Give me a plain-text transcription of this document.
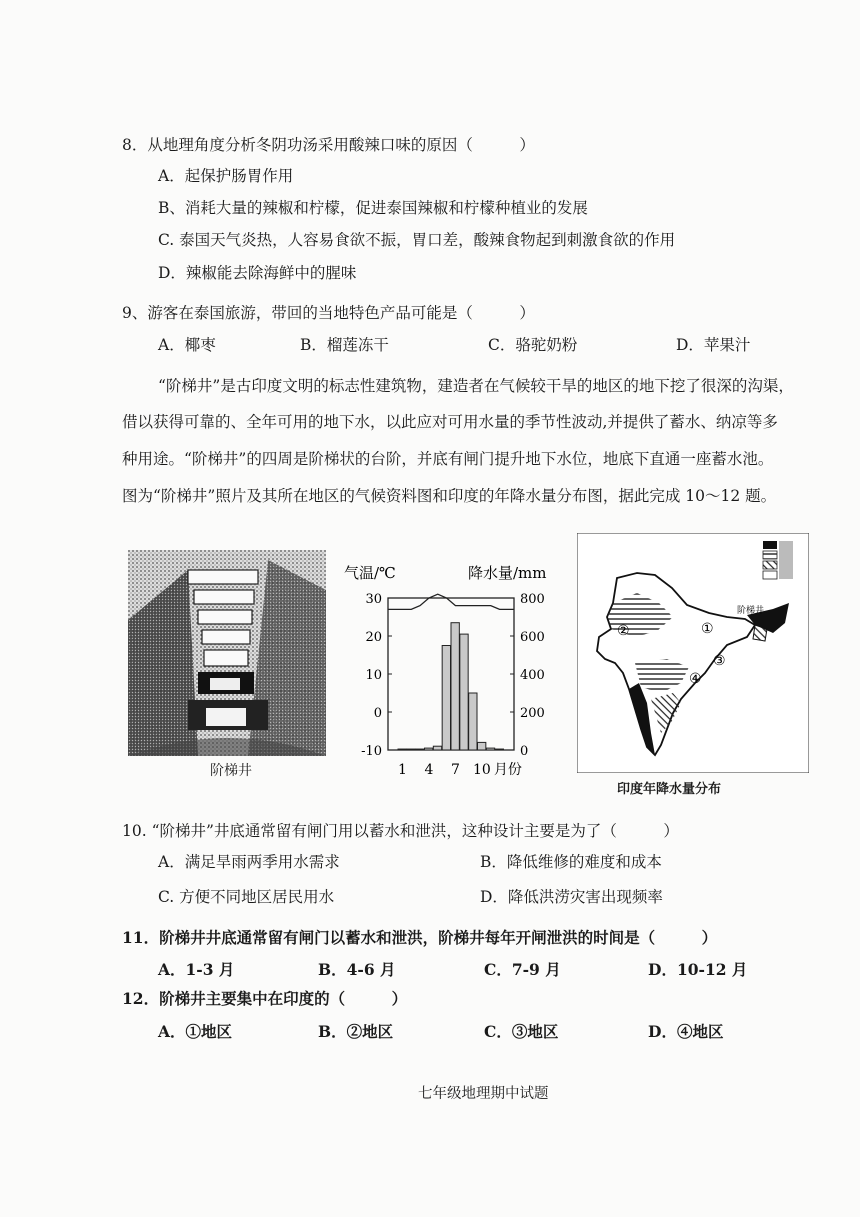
8．从地理角度分析冬阴功汤采用酸辣口味的原因（　　　）
A．起保护肠胃作用
B、消耗大量的辣椒和柠檬，促进泰国辣椒和柠檬种植业的发展
C. 泰国天气炎热，人容易食欲不振，胃口差，酸辣食物起到刺激食欲的作用
D．辣椒能去除海鲜中的腥味
9、游客在泰国旅游，带回的当地特色产品可能是（　　　）
A．椰枣	B．榴莲冻干	C．骆驼奶粉	D．苹果汁
“阶梯井”是古印度文明的标志性建筑物，建造者在气候较干旱的地区的地下挖了很深的沟渠，
借以获得可靠的、全年可用的地下水，以此应对可用水量的季节性波动,并提供了蓄水、纳凉等多
种用途。“阶梯井”的四周是阶梯状的台阶，并底有闸门提升地下水位，地底下直通一座蓄水池。
图为“阶梯井”照片及其所在地区的气候资料图和印度的年降水量分布图，据此完成 10～12 题。
阶梯井
气温/℃	降水量/mm
30
20
10
0
-10
800
600
400
200
0
1 4 7 10 月份
①
②
③
④
阶梯井
印度年降水量分布
10. “阶梯井”井底通常留有闸门用以蓄水和泄洪，这种设计主要是为了（　　　）
A．满足旱雨两季用水需求	B．降低维修的难度和成本
C. 方便不同地区居民用水	D．降低洪涝灾害出现频率
11．阶梯井井底通常留有闸门以蓄水和泄洪，阶梯井每年开闸泄洪的时间是（　　　）
A．1-3 月	B．4-6 月	C．7-9 月	D．10-12 月
12．阶梯井主要集中在印度的（　　　）
A．①地区	B．②地区	C．③地区	D．④地区
七年级地理期中试题
